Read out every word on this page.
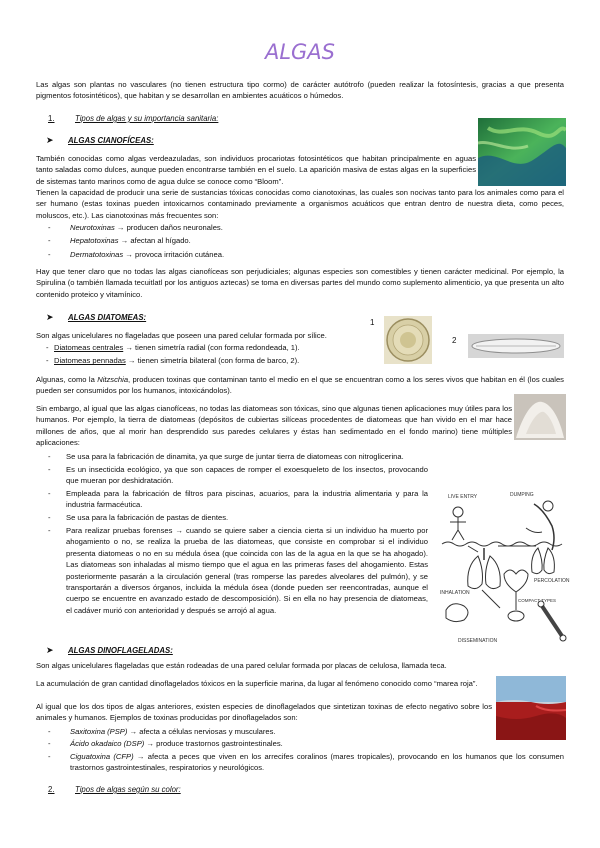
ALGAS
Las algas son plantas no vasculares (no tienen estructura tipo cormo) de carácter autótrofo (pueden realizar la fotosíntesis, gracias a que presenta pigmentos fotosintéticos), que habitan y se desarrollan en ambientes acuáticos o húmedos.
1.	Tipos de algas y su importancia sanitaria:
➤ ALGAS CIANOFÍCEAS:
También conocidas como algas verdeazuladas, son individuos procariotas fotosintéticos que habitan principalmente en aguas tanto saladas como dulces, aunque pueden encontrarse también en el suelo. La aparición masiva de estas algas en la superficies de sistemas tanto marinos como de agua dulce se conoce como “Bloom”.
Tienen la capacidad de producir una serie de sustancias tóxicas conocidas como cianotoxinas, las cuales son nocivas tanto para los animales como para el ser humano (estas toxinas pueden intoxicarnos contaminado previamente a organismos acuáticos que entran dentro de nuestra dieta, como peces, moluscos, etc.). Las cianotoxinas más frecuentes son:
-	Neurotoxinas → producen daños neuronales.
-	Hepatotoxinas → afectan al hígado.
-	Dermatotoxinas → provoca irritación cutánea.
Hay que tener claro que no todas las algas cianofíceas son perjudiciales; algunas especies son comestibles y tienen carácter medicinal. Por ejemplo, la Spirulina (o también llamada tecuitlatl por los antiguos aztecas) se toma en diversas partes del mundo como suplemento alimenticio, ya que presenta un alto contenido proteico y vitamínico.
➤ ALGAS DIATOMEAS:
1
2
Son algas unicelulares no flageladas que poseen una pared celular formada por sílice.
- Diatomeas centrales → tienen simetría radial (con forma redondeada, 1).
- Diatomeas pennadas → tienen simetría bilateral (con forma de barco, 2).
Algunas, como la Nitzschia, producen toxinas que contaminan tanto el medio en el que se encuentran como a los seres vivos que habitan en él (los cuales pueden ser consumidos por los humanos, intoxicándolos).
Sin embargo, al igual que las algas cianofíceas, no todas las diatomeas son tóxicas, sino que algunas tienen aplicaciones muy útiles para los humanos. Por ejemplo, la tierra de diatomeas (depósitos de cubiertas silíceas procedentes de diatomeas que han vivido en el mar hace millones de años, que al morir han desprendido sus paredes celulares y éstas han sedimentado en el fondo marino) tiene múltiples aplicaciones:
-	Se usa para la fabricación de dinamita, ya que surge de juntar tierra de diatomeas con nitroglicerina.
-	Es un insecticida ecológico, ya que son capaces de romper el exoesqueleto de los insectos, provocando que mueran por deshidratación.
-	Empleada para la fabricación de filtros para piscinas, acuarios, para la industria alimentaria y para la industria farmacéutica.
-	Se usa para la fabricación de pastas de dientes.
-	Para realizar pruebas forenses → cuando se quiere saber a ciencia cierta si un individuo ha muerto por ahogamiento o no, se realiza la prueba de las diatomeas, que consiste en comprobar si el individuo presenta diatomeas o no en su médula ósea (que coincida con las de la agua en la que se ha ahogado). Las diatomeas son inhaladas al mismo tiempo que el agua en las primeras fases del ahogamiento. Estas posteriormente pasarán a la circulación general (tras romperse las paredes alveolares del pulmón), y se transportarán a diversos órganos, incluida la médula ósea (donde pueden ser reencontradas, aunque el cuerpo se encuentre en avanzado estado de descomposición). Si en ella no hay presencia de diatomeas, el cadáver murió con anterioridad y después se arrojó al agua.
LIVE ENTRY	DUMPING
INHALATION
PERCOLATION
COMPACT TYPES
DISSEMINATION
➤ ALGAS DINOFLAGELADAS:
Son algas unicelulares flageladas que están rodeadas de una pared celular formada por placas de celulosa, llamada teca.
La acumulación de gran cantidad dinoflagelados tóxicos en la superficie marina, da lugar al fenómeno conocido como “marea roja”.
Al igual que los dos tipos de algas anteriores, existen especies de dinoflagelados que sintetizan toxinas de efecto negativo sobre los animales y humanos. Ejemplos de toxinas producidas por dinoflagelados son:
-	Saxitoxina (PSP) → afecta a células nerviosas y musculares.
-	Ácido okadaico (DSP) → produce trastornos gastrointestinales.
-	Ciguatoxina (CFP) → afecta a peces que viven en los arrecifes coralinos (mares tropicales), provocando en los humanos que los consumen trastornos gastrointestinales, respiratorios y neurológicos.
2.	Tipos de algas según su color:
